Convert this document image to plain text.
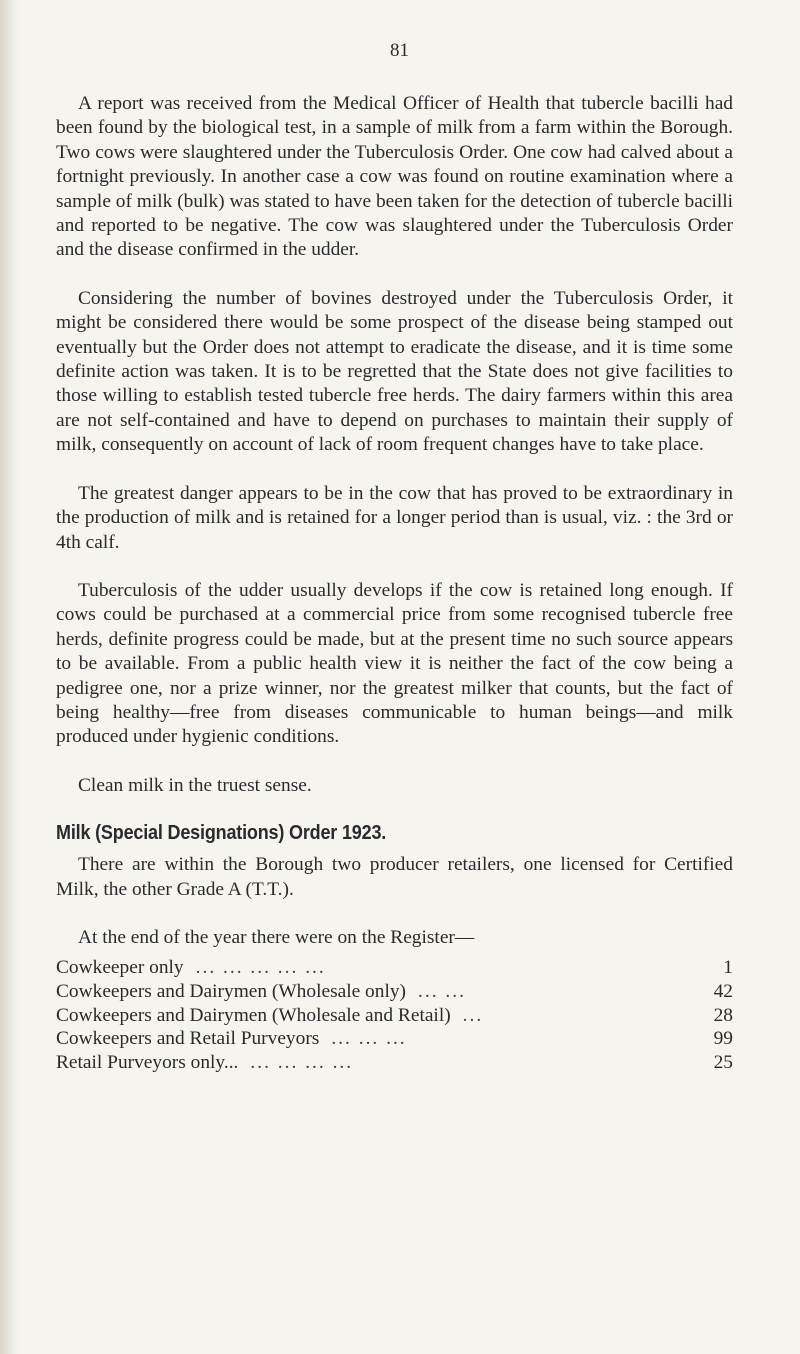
81

A report was received from the Medical Officer of Health that tubercle bacilli had been found by the biological test, in a sample of milk from a farm within the Borough. Two cows were slaughtered under the Tuberculosis Order. One cow had calved about a fortnight previously. In another case a cow was found on routine examination where a sample of milk (bulk) was stated to have been taken for the detection of tubercle bacilli and reported to be negative. The cow was slaughtered under the Tuberculosis Order and the disease confirmed in the udder.

Considering the number of bovines destroyed under the Tuberculosis Order, it might be considered there would be some prospect of the disease being stamped out eventually but the Order does not attempt to eradicate the disease, and it is time some definite action was taken. It is to be regretted that the State does not give facilities to those willing to establish tested tubercle free herds. The dairy farmers within this area are not self-contained and have to depend on purchases to maintain their supply of milk, consequently on account of lack of room frequent changes have to take place.

The greatest danger appears to be in the cow that has proved to be extraordinary in the production of milk and is retained for a longer period than is usual, viz. : the 3rd or 4th calf.

Tuberculosis of the udder usually develops if the cow is retained long enough. If cows could be purchased at a commercial price from some recognised tubercle free herds, definite progress could be made, but at the present time no such source appears to be available. From a public health view it is neither the fact of the cow being a pedigree one, nor a prize winner, nor the greatest milker that counts, but the fact of being healthy—free from diseases communicable to human beings—and milk produced under hygienic conditions.

Clean milk in the truest sense.

Milk (Special Designations) Order 1923.

There are within the Borough two producer retailers, one licensed for Certified Milk, the other Grade A (T.T.).

At the end of the year there were on the Register—

Cowkeeper only ... ... ... ... ...	1
Cowkeepers and Dairymen (Wholesale only) ... ...	42
Cowkeepers and Dairymen (Wholesale and Retail) ...	28
Cowkeepers and Retail Purveyors ... ... ...	99
Retail Purveyors only... ... ... ... ...	25
